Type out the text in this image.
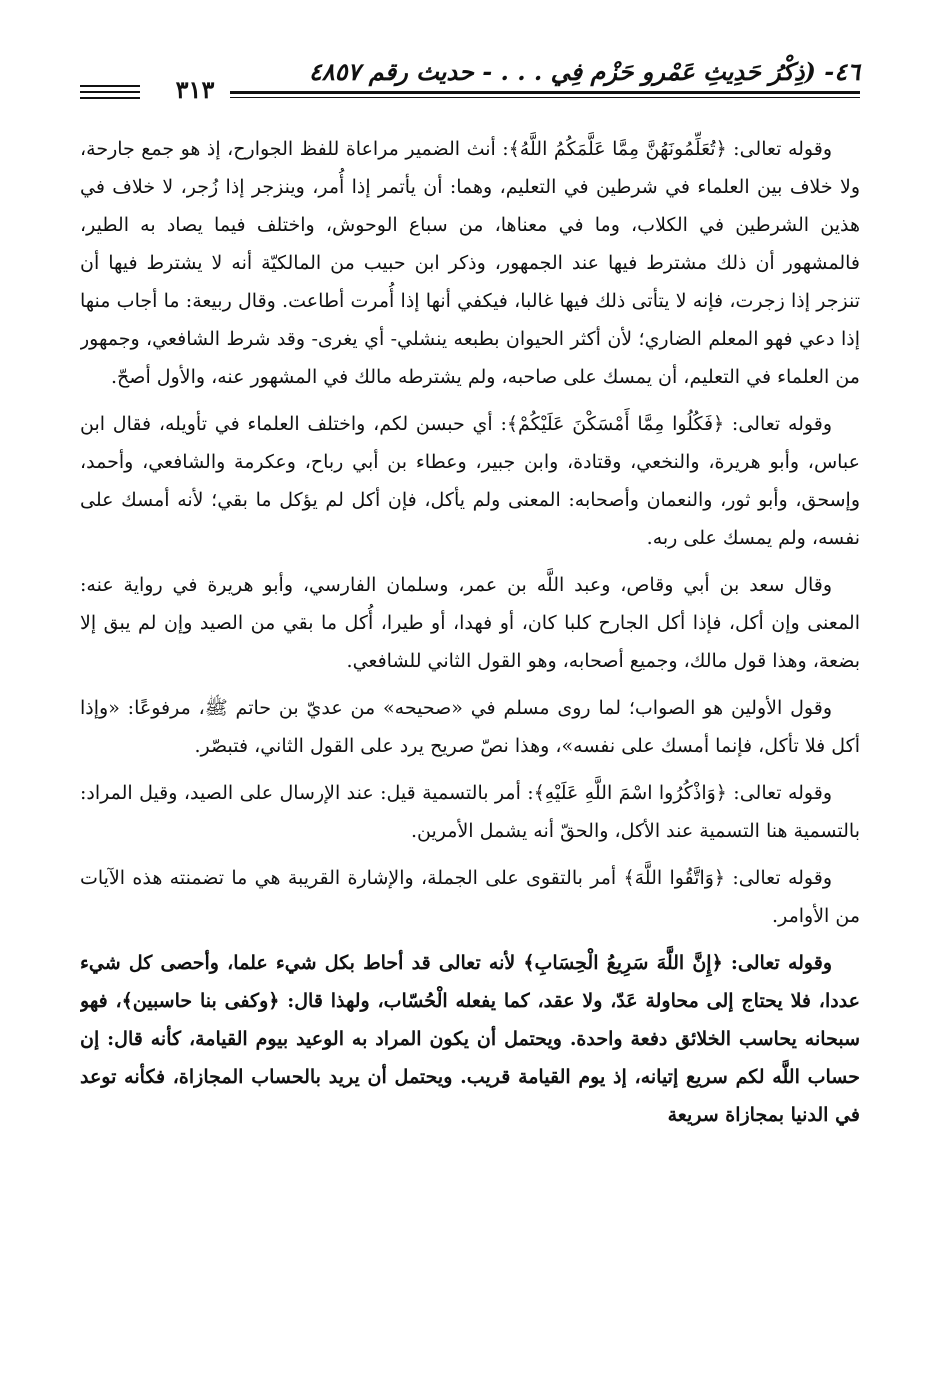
٤٦- (ذِكْرُ حَدِيثِ عَمْرو حَزْم فِي . . . - حديث رقم ٤٨٥٧
٣١٣

وقوله تعالى: ﴿تُعَلِّمُونَهُنَّ مِمَّا عَلَّمَكُمُ اللَّهُ﴾: أنث الضمير مراعاة للفظ الجوارح، إذ هو جمع جارحة، ولا خلاف بين العلماء في شرطين في التعليم، وهما: أن يأتمر إذا أُمر، وينزجر إذا زُجر، لا خلاف في هذين الشرطين في الكلاب، وما في معناها، من سباع الوحوش، واختلف فيما يصاد به الطير، فالمشهور أن ذلك مشترط فيها عند الجمهور، وذكر ابن حبيب من المالكيّة أنه لا يشترط فيها أن تنزجر إذا زجرت، فإنه لا يتأتى ذلك فيها غالبا، فيكفي أنها إذا أُمرت أطاعت. وقال ربيعة: ما أجاب منها إذا دعي فهو المعلم الضاري؛ لأن أكثر الحيوان بطبعه ينشلي- أي يغرى- وقد شرط الشافعي، وجمهور من العلماء في التعليم، أن يمسك على صاحبه، ولم يشترطه مالك في المشهور عنه، والأول أصحّ.

وقوله تعالى: ﴿فَكُلُوا مِمَّا أَمْسَكْنَ عَلَيْكُمْ﴾: أي حبسن لكم، واختلف العلماء في تأويله، فقال ابن عباس، وأبو هريرة، والنخعي، وقتادة، وابن جبير، وعطاء بن أبي رباح، وعكرمة والشافعي، وأحمد، وإسحق، وأبو ثور، والنعمان وأصحابه: المعنى ولم يأكل، فإن أكل لم يؤكل ما بقي؛ لأنه أمسك على نفسه، ولم يمسك على ربه.

وقال سعد بن أبي وقاص، وعبد اللَّه بن عمر، وسلمان الفارسي، وأبو هريرة في رواية عنه: المعنى وإن أكل، فإذا أكل الجارح كلبا كان، أو فهدا، أو طيرا، أُكل ما بقي من الصيد وإن لم يبق إلا بضعة، وهذا قول مالك، وجميع أصحابه، وهو القول الثاني للشافعي.

وقول الأولين هو الصواب؛ لما روى مسلم في «صحيحه» من عديّ بن حاتم ﷺ، مرفوعًا: «وإذا أكل فلا تأكل، فإنما أمسك على نفسه»، وهذا نصّ صريح يرد على القول الثاني، فتبصّر.

وقوله تعالى: ﴿وَاذْكُرُوا اسْمَ اللَّهِ عَلَيْهِ﴾: أمر بالتسمية قيل: عند الإرسال على الصيد، وقيل المراد: بالتسمية هنا التسمية عند الأكل، والحقّ أنه يشمل الأمرين.

وقوله تعالى: ﴿وَاتَّقُوا اللَّهَ﴾ أمر بالتقوى على الجملة، والإشارة القريبة هي ما تضمنته هذه الآيات من الأوامر.

وقوله تعالى: ﴿إِنَّ اللَّهَ سَرِيعُ الْحِسَابِ﴾ لأنه تعالى قد أحاط بكل شيء علما، وأحصى كل شيء عددا، فلا يحتاج إلى محاولة عَدّ، ولا عقد، كما يفعله الْحُسّاب، ولهذا قال: ﴿وكفى بنا حاسبين﴾، فهو سبحانه يحاسب الخلائق دفعة واحدة. ويحتمل أن يكون المراد به الوعيد بيوم القيامة، كأنه قال: إن حساب اللَّه لكم سريع إتيانه، إذ يوم القيامة قريب. ويحتمل أن يريد بالحساب المجازاة، فكأنه توعد في الدنيا بمجازاة سريعة
